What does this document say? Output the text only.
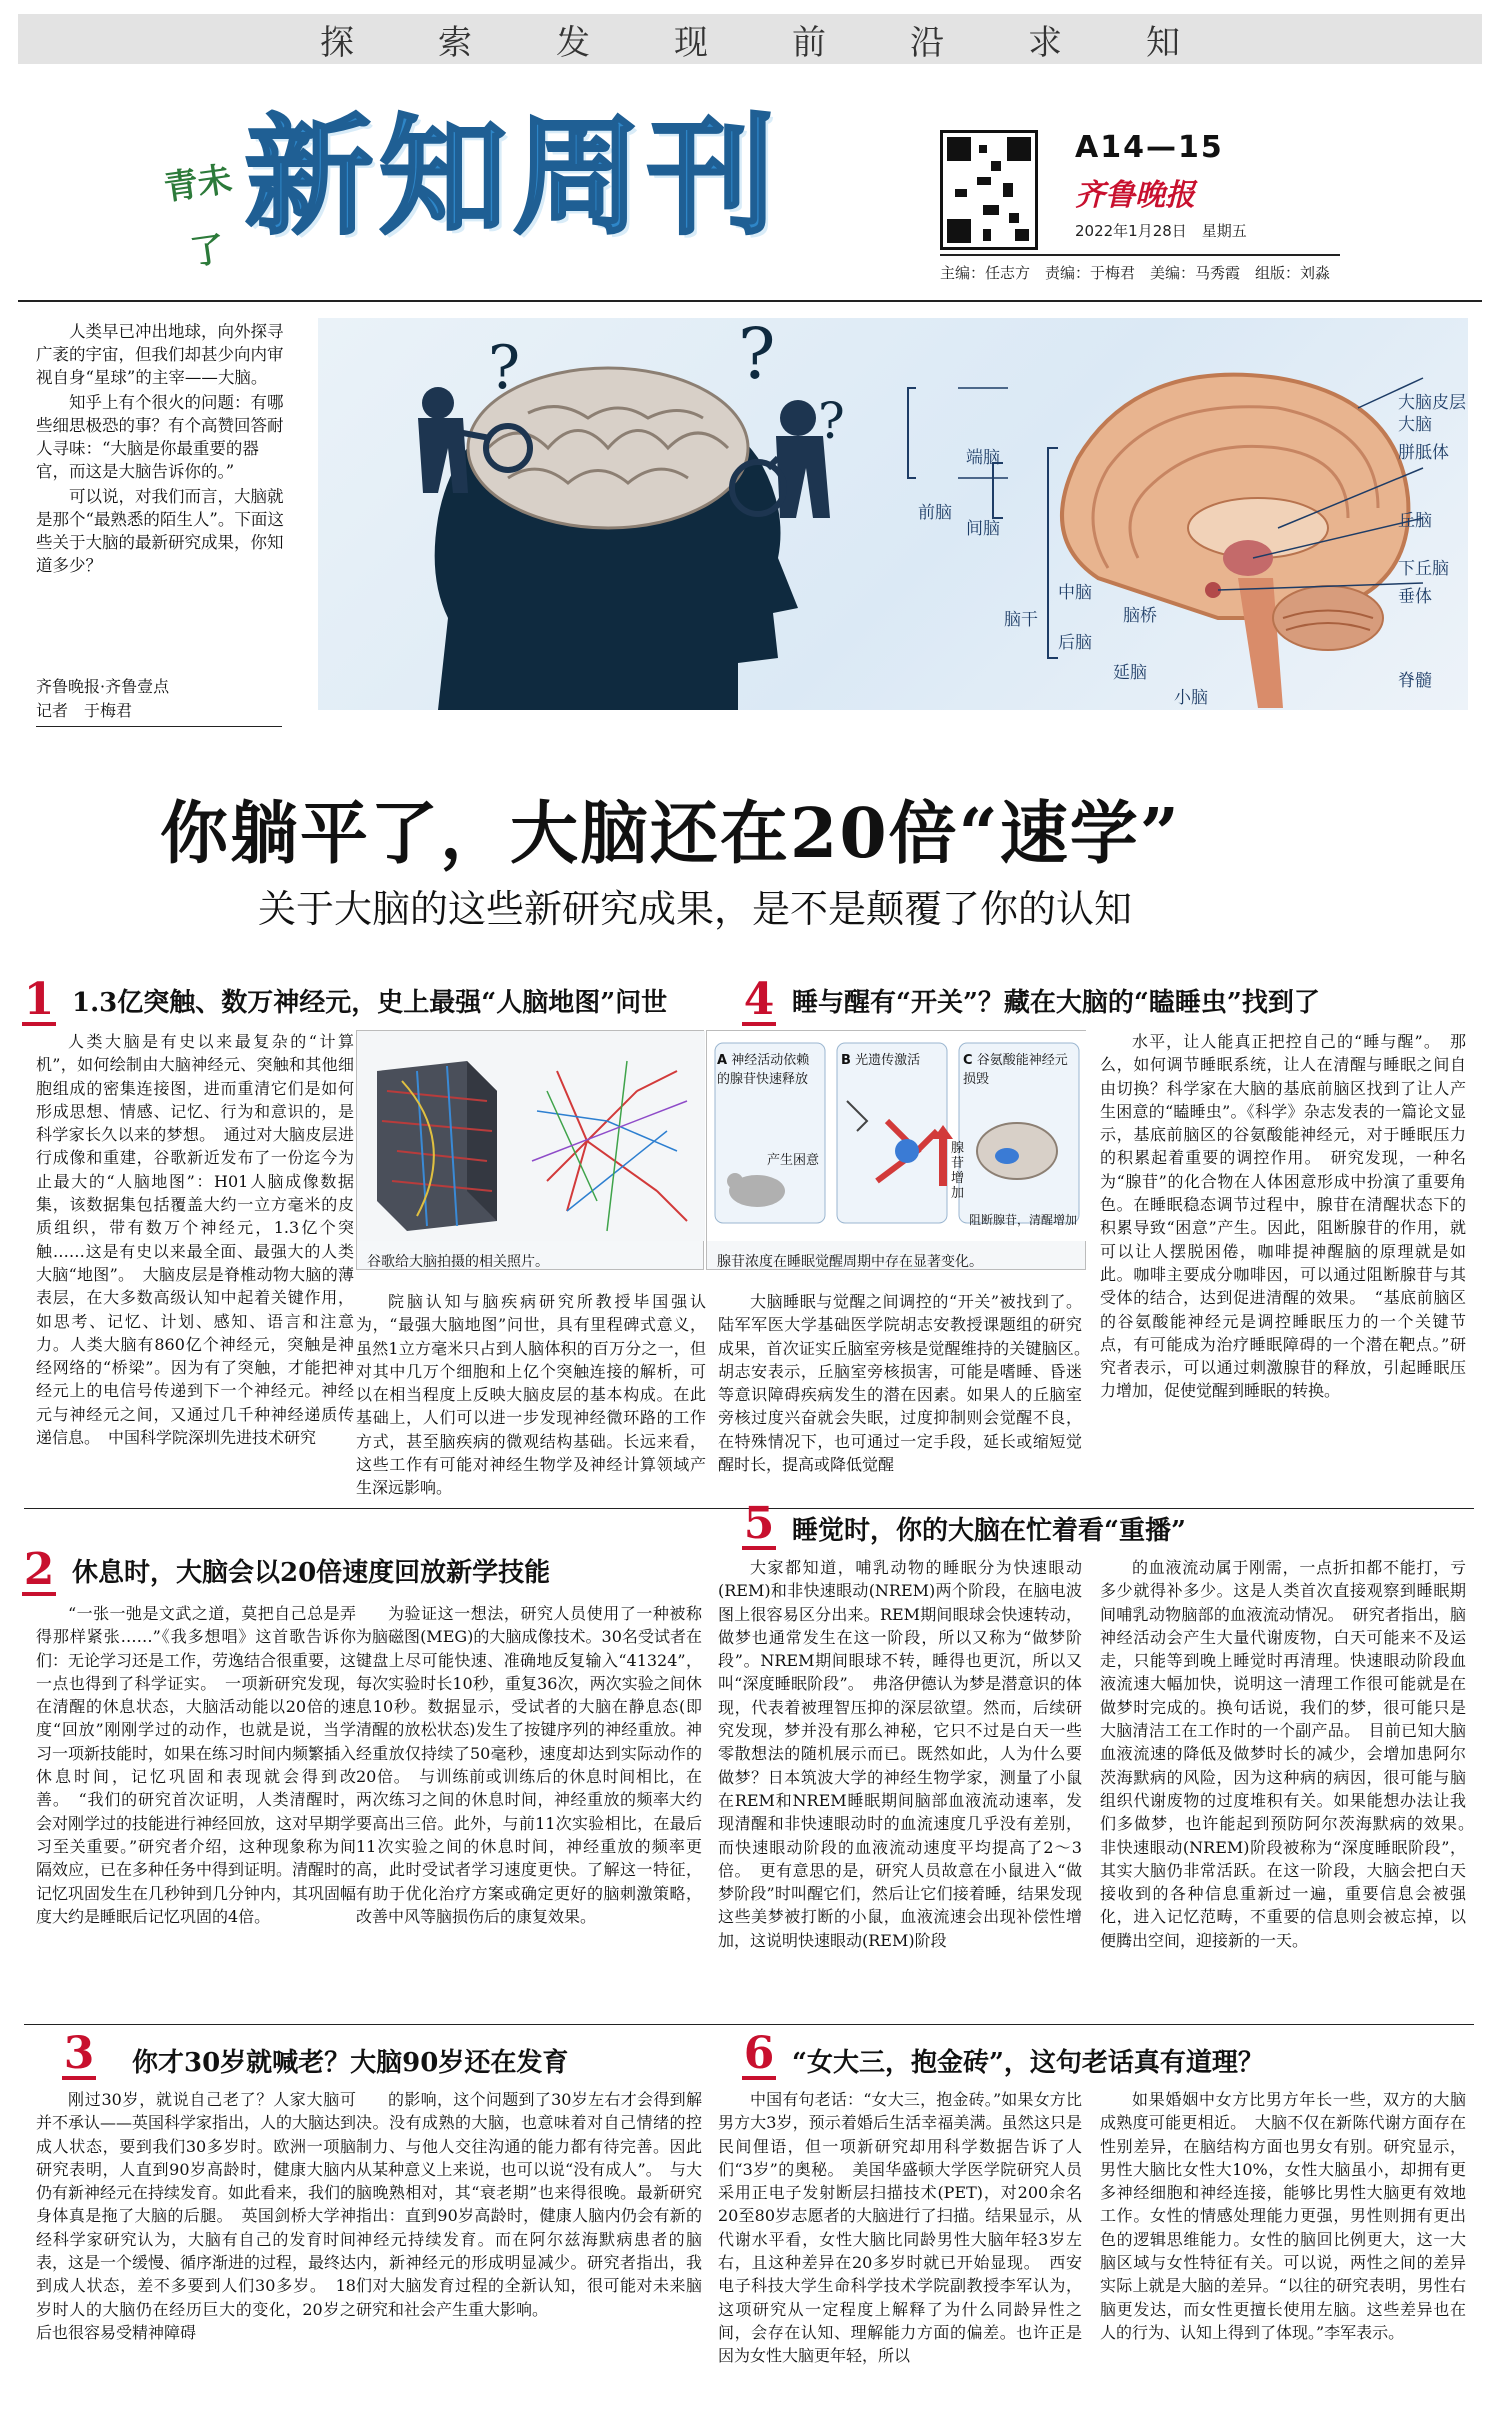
探 索 发 现 前 沿 求 知
青未了 新知周刊	A14—15
齐鲁晚报
2022年1月28日　星期五
主编：任志方　责编：于梅君　美编：马秀霞　组版：刘淼

人类早已冲出地球，向外探寻广袤的宇宙，但我们却甚少向内审视自身“星球”的主宰——大脑。

知乎上有个很火的问题：有哪些细思极恐的事？有个高赞回答耐人寻味：“大脑是你最重要的器官，而这是大脑告诉你的。”

可以说，对我们而言，大脑就是那个“最熟悉的陌生人”。下面这些关于大脑的最新研究成果，你知道多少？

齐鲁晚报·齐鲁壹点
记者　于梅君
?	?
?	大脑皮层
大脑
胼胝体
丘脑
下丘脑
垂体
脊髓
小脑
延脑
脑桥
中脑
后脑
脑干
前脑
端脑
间脑
你躺平了，大脑还在20倍“速学”
关于大脑的这些新研究成果，是不是颠覆了你的认知
1 1.3亿突触、数万神经元，史上最强“人脑地图”问世
人类大脑是有史以来最复杂的“计算机”，如何绘制由大脑神经元、突触和其他细胞组成的密集连接图，进而重清它们是如何形成思想、情感、记忆、行为和意识的，是科学家长久以来的梦想。　通过对大脑皮层进行成像和重建，谷歌新近发布了一份迄今为止最大的“人脑地图”：H01人脑成像数据集，该数据集包括覆盖大约一立方毫米的皮质组织，带有数万个神经元，1.3亿个突触……这是有史以来最全面、最强大的人类大脑“地图”。　大脑皮层是脊椎动物大脑的薄表层，在大多数高级认知中起着关键作用，如思考、记忆、计划、感知、语言和注意力。人类大脑有860亿个神经元，突触是神经网络的“桥梁”。因为有了突触，才能把神经元上的电信号传递到下一个神经元。神经元与神经元之间，又通过几千种神经递质传递信息。　中国科学院深圳先进技术研究
谷歌给大脑拍摄的相关照片。
院脑认知与脑疾病研究所教授毕国强认为，“最强大脑地图”问世，具有里程碑式意义，虽然1立方毫米只占到人脑体积的百万分之一，但对其中几万个细胞和上亿个突触连接的解析，可以在相当程度上反映大脑皮层的基本构成。在此基础上，人们可以进一步发现神经微环路的工作方式，甚至脑疾病的微观结构基础。长远来看，这些工作有可能对神经生物学及神经计算领域产生深远影响。
4 睡与醒有“开关”？藏在大脑的“瞌睡虫”找到了
A 神经活动依赖的腺苷快速释放
B 光遗传激活	C 谷氨酸能神经元损毁
产生困意
腺苷增加
阻断腺苷，清醒增加
腺苷浓度在睡眠觉醒周期中存在显著变化。
大脑睡眠与觉醒之间调控的“开关”被找到了。陆军军医大学基础医学院胡志安教授课题组的研究成果，首次证实丘脑室旁核是觉醒维持的关键脑区。　胡志安表示，丘脑室旁核损害，可能是嗜睡、昏迷等意识障碍疾病发生的潜在因素。如果人的丘脑室旁核过度兴奋就会失眠，过度抑制则会觉醒不良，在特殊情况下，也可通过一定手段，延长或缩短觉醒时长，提高或降低觉醒
水平，让人能真正把控自己的“睡与醒”。　那么，如何调节睡眠系统，让人在清醒与睡眠之间自由切换？科学家在大脑的基底前脑区找到了让人产生困意的“瞌睡虫”。《科学》杂志发表的一篇论文显示，基底前脑区的谷氨酸能神经元，对于睡眠压力的积累起着重要的调控作用。　研究发现，一种名为“腺苷”的化合物在人体困意形成中扮演了重要角色。在睡眠稳态调节过程中，腺苷在清醒状态下的积累导致“困意”产生。因此，阻断腺苷的作用，就可以让人摆脱困倦，咖啡提神醒脑的原理就是如此。咖啡主要成分咖啡因，可以通过阻断腺苷与其受体的结合，达到促进清醒的效果。　“基底前脑区的谷氨酸能神经元是调控睡眠压力的一个关键节点，有可能成为治疗睡眠障碍的一个潜在靶点。”研究者表示，可以通过刺激腺苷的释放，引起睡眠压力增加，促使觉醒到睡眠的转换。
2 休息时，大脑会以20倍速度回放新学技能
“一张一弛是文武之道，莫把自己总是弄得那样紧张……”《我多想唱》这首歌告诉你们：无论学习还是工作，劳逸结合很重要，这一点也得到了科学证实。　一项新研究发现，在清醒的休息状态，大脑活动能以20倍的速度“回放”刚刚学过的动作，也就是说，当学习一项新技能时，如果在练习时间内频繁插入休息时间，记忆巩固和表现就会得到改善。　“我们的研究首次证明，人类清醒时，会对刚学过的技能进行神经回放，这对早期学习至关重要。”研究者介绍，这种现象称为间隔效应，已在多种任务中得到证明。清醒时的记忆巩固发生在几秒钟到几分钟内，其巩固幅度大约是睡眠后记忆巩固的4倍。
为验证这一想法，研究人员使用了一种被称为脑磁图(MEG)的大脑成像技术。30名受试者在键盘上尽可能快速、准确地反复输入“41324”，每次实验时长10秒，重复36次，两次实验之间休息10秒。数据显示，受试者的大脑在静息态(即清醒的放松状态)发生了按键序列的神经重放。神经重放仅持续了50毫秒，速度却达到实际动作的20倍。　与训练前或训练后的休息时间相比，在两次练习之间的休息时间，神经重放的频率大约要高出三倍。此外，与前11次实验相比，在最后11次实验之间的休息时间，神经重放的频率更高，此时受试者学习速度更快。了解这一特征，有助于优化治疗方案或确定更好的脑刺激策略，改善中风等脑损伤后的康复效果。
5 睡觉时，你的大脑在忙着看“重播”
大家都知道，哺乳动物的睡眠分为快速眼动(REM)和非快速眼动(NREM)两个阶段，在脑电波图上很容易区分出来。REM期间眼球会快速转动，做梦也通常发生在这一阶段，所以又称为“做梦阶段”。NREM期间眼球不转，睡得也更沉，所以又叫“深度睡眠阶段”。　弗洛伊德认为梦是潜意识的体现，代表着被理智压抑的深层欲望。然而，后续研究发现，梦并没有那么神秘，它只不过是白天一些零散想法的随机展示而已。既然如此，人为什么要做梦？日本筑波大学的神经生物学家，测量了小鼠在REM和NREM睡眠期间脑部血液流动速率，发现清醒和非快速眼动时的血流速度几乎没有差别，而快速眼动阶段的血液流动速度平均提高了2～3倍。　更有意思的是，研究人员故意在小鼠进入“做梦阶段”时叫醒它们，然后让它们接着睡，结果发现这些美梦被打断的小鼠，血液流速会出现补偿性增加，这说明快速眼动(REM)阶段
的血液流动属于刚需，一点折扣都不能打，亏多少就得补多少。这是人类首次直接观察到睡眠期间哺乳动物脑部的血液流动情况。　研究者指出，脑神经活动会产生大量代谢废物，白天可能来不及运走，只能等到晚上睡觉时再清理。快速眼动阶段血液流速大幅加快，说明这一清理工作很可能就是在做梦时完成的。换句话说，我们的梦，很可能只是大脑清洁工在工作时的一个副产品。　目前已知大脑血液流速的降低及做梦时长的减少，会增加患阿尔茨海默病的风险，因为这种病的病因，很可能与脑组织代谢废物的过度堆积有关。如果能想办法让我们多做梦，也许能起到预防阿尔茨海默病的效果。　非快速眼动(NREM)阶段被称为“深度睡眠阶段”，其实大脑仍非常活跃。在这一阶段，大脑会把白天接收到的各种信息重新过一遍，重要信息会被强化，进入记忆范畴，不重要的信息则会被忘掉，以便腾出空间，迎接新的一天。
3 你才30岁就喊老？大脑90岁还在发育
刚过30岁，就说自己老了？人家大脑可并不承认——英国科学家指出，人的大脑达到成人状态，要到我们30多岁时。欧洲一项脑研究表明，人直到90岁高龄时，健康大脑内仍有新神经元在持续发育。如此看来，我们的身体真是拖了大脑的后腿。　英国剑桥大学神经科学家研究认为，大脑有自己的发育时间表，这是一个缓慢、循序渐进的过程，最终达到成人状态，差不多要到人们30多岁。　18岁时人的大脑仍在经历巨大的变化，20岁之后也很容易受精神障碍
的影响，这个问题到了30岁左右才会得到解决。没有成熟的大脑，也意味着对自己情绪的控制力、与他人交往沟通的能力都有待完善。因此从某种意义上来说，也可以说“没有成人”。　与大脑晚熟相对，其“衰老期”也来得很晚。最新研究指出：直到90岁高龄时，健康人脑内仍会有新的神经元持续发育。而在阿尔兹海默病患者的脑内，新神经元的形成明显减少。研究者指出，我们对大脑发育过程的全新认知，很可能对未来脑研究和社会产生重大影响。
6 “女大三，抱金砖”，这句老话真有道理？
中国有句老话：“女大三，抱金砖。”如果女方比男方大3岁，预示着婚后生活幸福美满。虽然这只是民间俚语，但一项新研究却用科学数据告诉了人们“3岁”的奥秘。　美国华盛顿大学医学院研究人员采用正电子发射断层扫描技术(PET)，对200余名20至80岁志愿者的大脑进行了扫描。结果显示，从代谢水平看，女性大脑比同龄男性大脑年轻3岁左右，且这种差异在20多岁时就已开始显现。　西安电子科技大学生命科学技术学院副教授李军认为，这项研究从一定程度上解释了为什么同龄异性之间，会存在认知、理解能力方面的偏差。也许正是因为女性大脑更年轻，所以
如果婚姻中女方比男方年长一些，双方的大脑成熟度可能更相近。　大脑不仅在新陈代谢方面存在性别差异，在脑结构方面也男女有别。研究显示，男性大脑比女性大10%，女性大脑虽小，却拥有更多神经细胞和神经连接，能够比男性大脑更有效地工作。女性的情感处理能力更强，男性则拥有更出色的逻辑思维能力。女性的脑回比例更大，这一大脑区域与女性特征有关。可以说，两性之间的差异实际上就是大脑的差异。“以往的研究表明，男性右脑更发达，而女性更擅长使用左脑。这些差异也在人的行为、认知上得到了体现。”李军表示。
